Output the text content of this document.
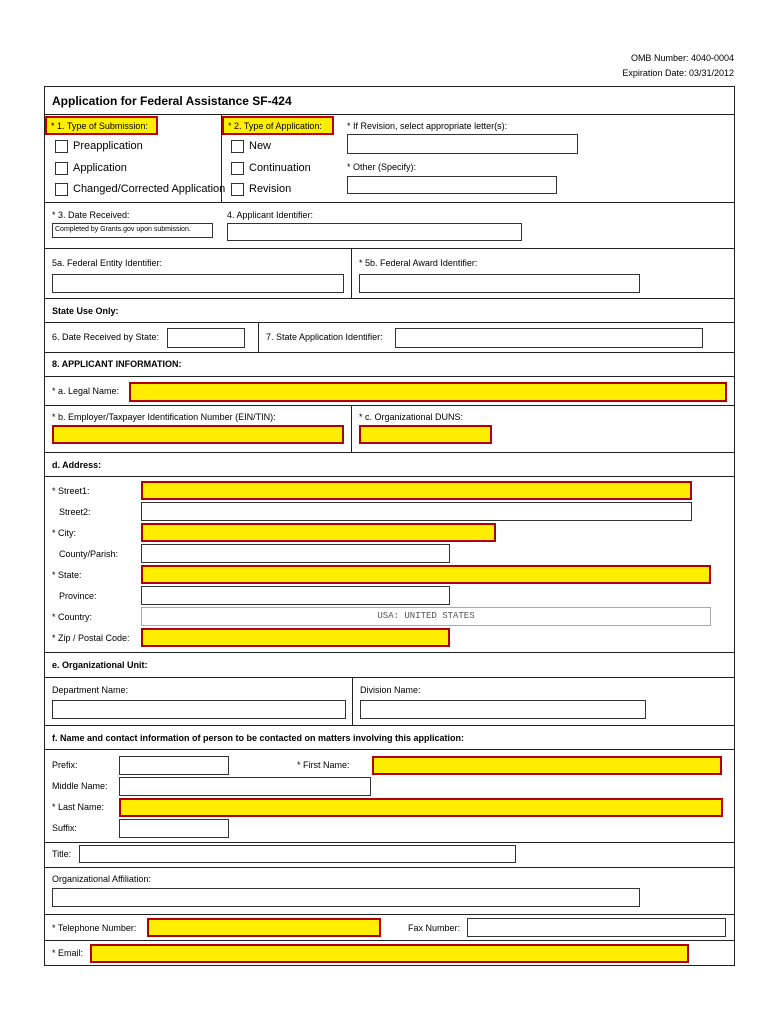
OMB Number: 4040-0004
Expiration Date: 03/31/2012
Application for Federal Assistance SF-424
* 1. Type of Submission:	* 2. Type of Application:	* If Revision, select appropriate letter(s):
Preapplication
Application
Changed/Corrected Application
New
Continuation
Revision
* Other (Specify):
* 3. Date Received:
Completed by Grants.gov upon submission.
4. Applicant Identifier:
5a. Federal Entity Identifier:	* 5b. Federal Award Identifier:
State Use Only:
6. Date Received by State:	7. State Application Identifier:
8. APPLICANT INFORMATION:
* a. Legal Name:
* b. Employer/Taxpayer Identification Number (EIN/TIN):	* c. Organizational DUNS:
d. Address:
* Street1:
Street2:
* City:
County/Parish:
* State:
Province:
* Country:	USA: UNITED STATES
* Zip / Postal Code:
e. Organizational Unit:
Department Name:	Division Name:
f. Name and contact information of person to be contacted on matters involving this application:
Prefix:	* First Name:
Middle Name:
* Last Name:
Suffix:
Title:
Organizational Affiliation:
* Telephone Number:	Fax Number:
* Email:
